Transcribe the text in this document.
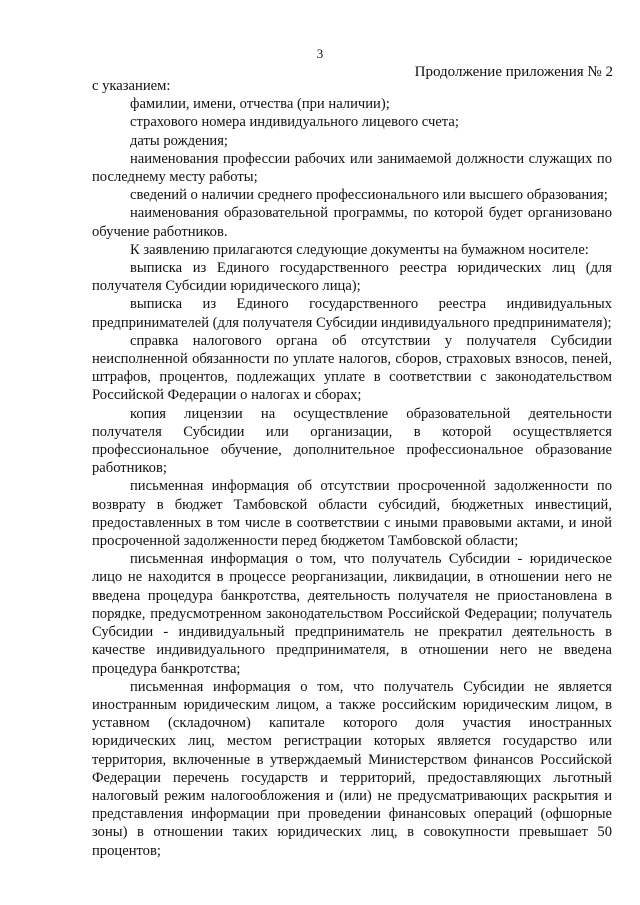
3
Продолжение приложения № 2

с указанием:

фамилии, имени, отчества (при наличии);

страхового номера индивидуального лицевого счета;

даты рождения;

наименования профессии рабочих или занимаемой должности служащих по последнему месту работы;

сведений о наличии среднего профессионального или высшего образования;

наименования образовательной программы, по которой будет организовано обучение работников.

К заявлению прилагаются следующие документы на бумажном носителе:

выписка из Единого государственного реестра юридических лиц (для получателя Субсидии юридического лица);

выписка из Единого государственного реестра индивидуальных предпринимателей (для получателя Субсидии индивидуального предпринимателя);

справка налогового органа об отсутствии у получателя Субсидии неисполненной обязанности по уплате налогов, сборов, страховых взносов, пеней, штрафов, процентов, подлежащих уплате в соответствии с законодательством Российской Федерации о налогах и сборах;

копия лицензии на осуществление образовательной деятельности получателя Субсидии или организации, в которой осуществляется профессиональное обучение, дополнительное профессиональное образование работников;

письменная информация об отсутствии просроченной задолженности по возврату в бюджет Тамбовской области субсидий, бюджетных инвестиций, предоставленных в том числе в соответствии с иными правовыми актами, и иной просроченной задолженности перед бюджетом Тамбовской области;

письменная информация о том, что получатель Субсидии - юридическое лицо не находится в процессе реорганизации, ликвидации, в отношении него не введена процедура банкротства, деятельность получателя не приостановлена в порядке, предусмотренном законодательством Российской Федерации; получатель Субсидии - индивидуальный предприниматель не прекратил деятельность в качестве индивидуального предпринимателя, в отношении него не введена процедура банкротства;

письменная информация о том, что получатель Субсидии не является иностранным юридическим лицом, а также российским юридическим лицом, в уставном (складочном) капитале которого доля участия иностранных юридических лиц, местом регистрации которых является государство или территория, включенные в утверждаемый Министерством финансов Российской Федерации перечень государств и территорий, предоставляющих льготный налоговый режим налогообложения и (или) не предусматривающих раскрытия и представления информации при проведении финансовых операций (офшорные зоны) в отношении таких юридических лиц, в совокупности превышает 50 процентов;
